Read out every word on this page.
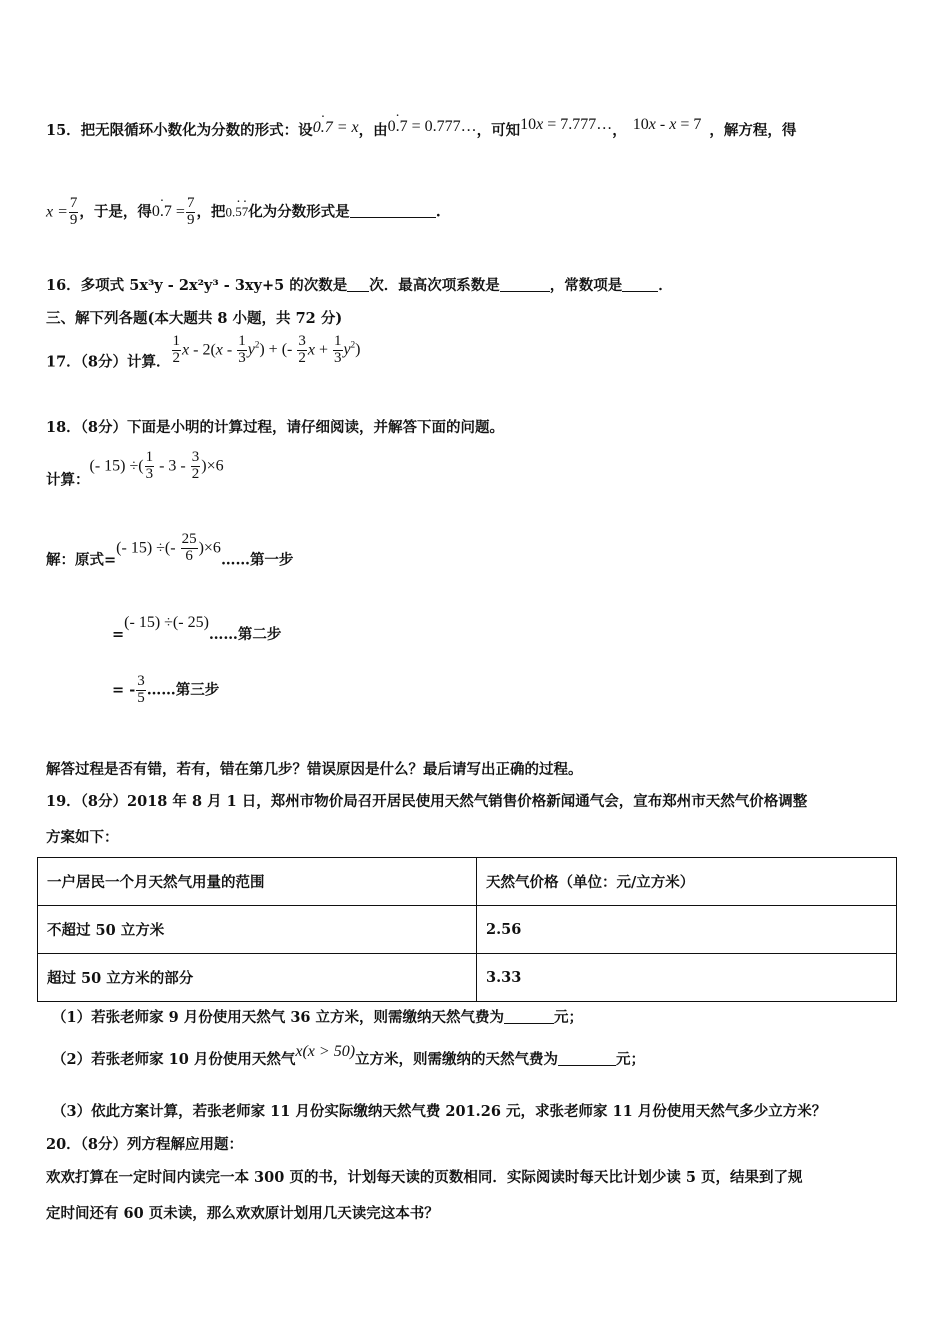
15．把无限循环小数化为分数的形式：设0.7 · = x，由0.7 · = 0.777…，可知10x = 7.777…， 10x - x = 7 ，解方程，得
$x = \frac{7}{9}$ ，于是，得0.7 · = $\frac{7}{9}$ ，把0.5 ·7 ·化为分数形式是	.
16．多项式 5x³y - 2x²y³ - 3xy+5 的次数是 次．最高次项系数是	，常数项是 ．
三、解下列各题(本大题共 8 小题，共 72 分)
17．（8分）计算． $\frac{1}{2}$ x - $2(x - \frac{1}{3} y^2)$ + (- $\frac{3}{2}$ $x + \frac{1}{3} y^2$)
18．（8分）下面是小明的计算过程，请仔细阅读，并解答下面的问题。
计算：(- 15) ÷( $\frac{1}{3} - 3 - \frac{3}{2} )\times 6$
解：原式=(- 15) ÷(- $\frac{25}{6}$ )×6……第一步
=(- 15) ÷(- 25)……第二步
= - $\frac{3}{5}$ ……第三步
解答过程是否有错，若有，错在第几步？错误原因是什么？最后请写出正确的过程。
19．（8分）2018 年 8 月 1 日，郑州市物价局召开居民使用天然气销售价格新闻通气会，宣布郑州市天然气价格调整
方案如下：
一户居民一个月天然气用量的范围	天然气价格（单位：元/立方米）
不超过 50 立方米	2.56
超过 50 立方米的部分	3.33
（1）若张老师家 9 月份使用天然气 36 立方米，则需缴纳天然气费为	元；
（2）若张老师家 10 月份使用天然气x(x > 50)立方米，则需缴纳的天然气费为	元；
（3）依此方案计算，若张老师家 11 月份实际缴纳天然气费 201.26 元，求张老师家 11 月份使用天然气多少立方米？
20．（8分）列方程解应用题：
欢欢打算在一定时间内读完一本 300 页的书，计划每天读的页数相同．实际阅读时每天比计划少读 5 页，结果到了规
定时间还有 60 页未读，那么欢欢原计划用几天读完这本书？
